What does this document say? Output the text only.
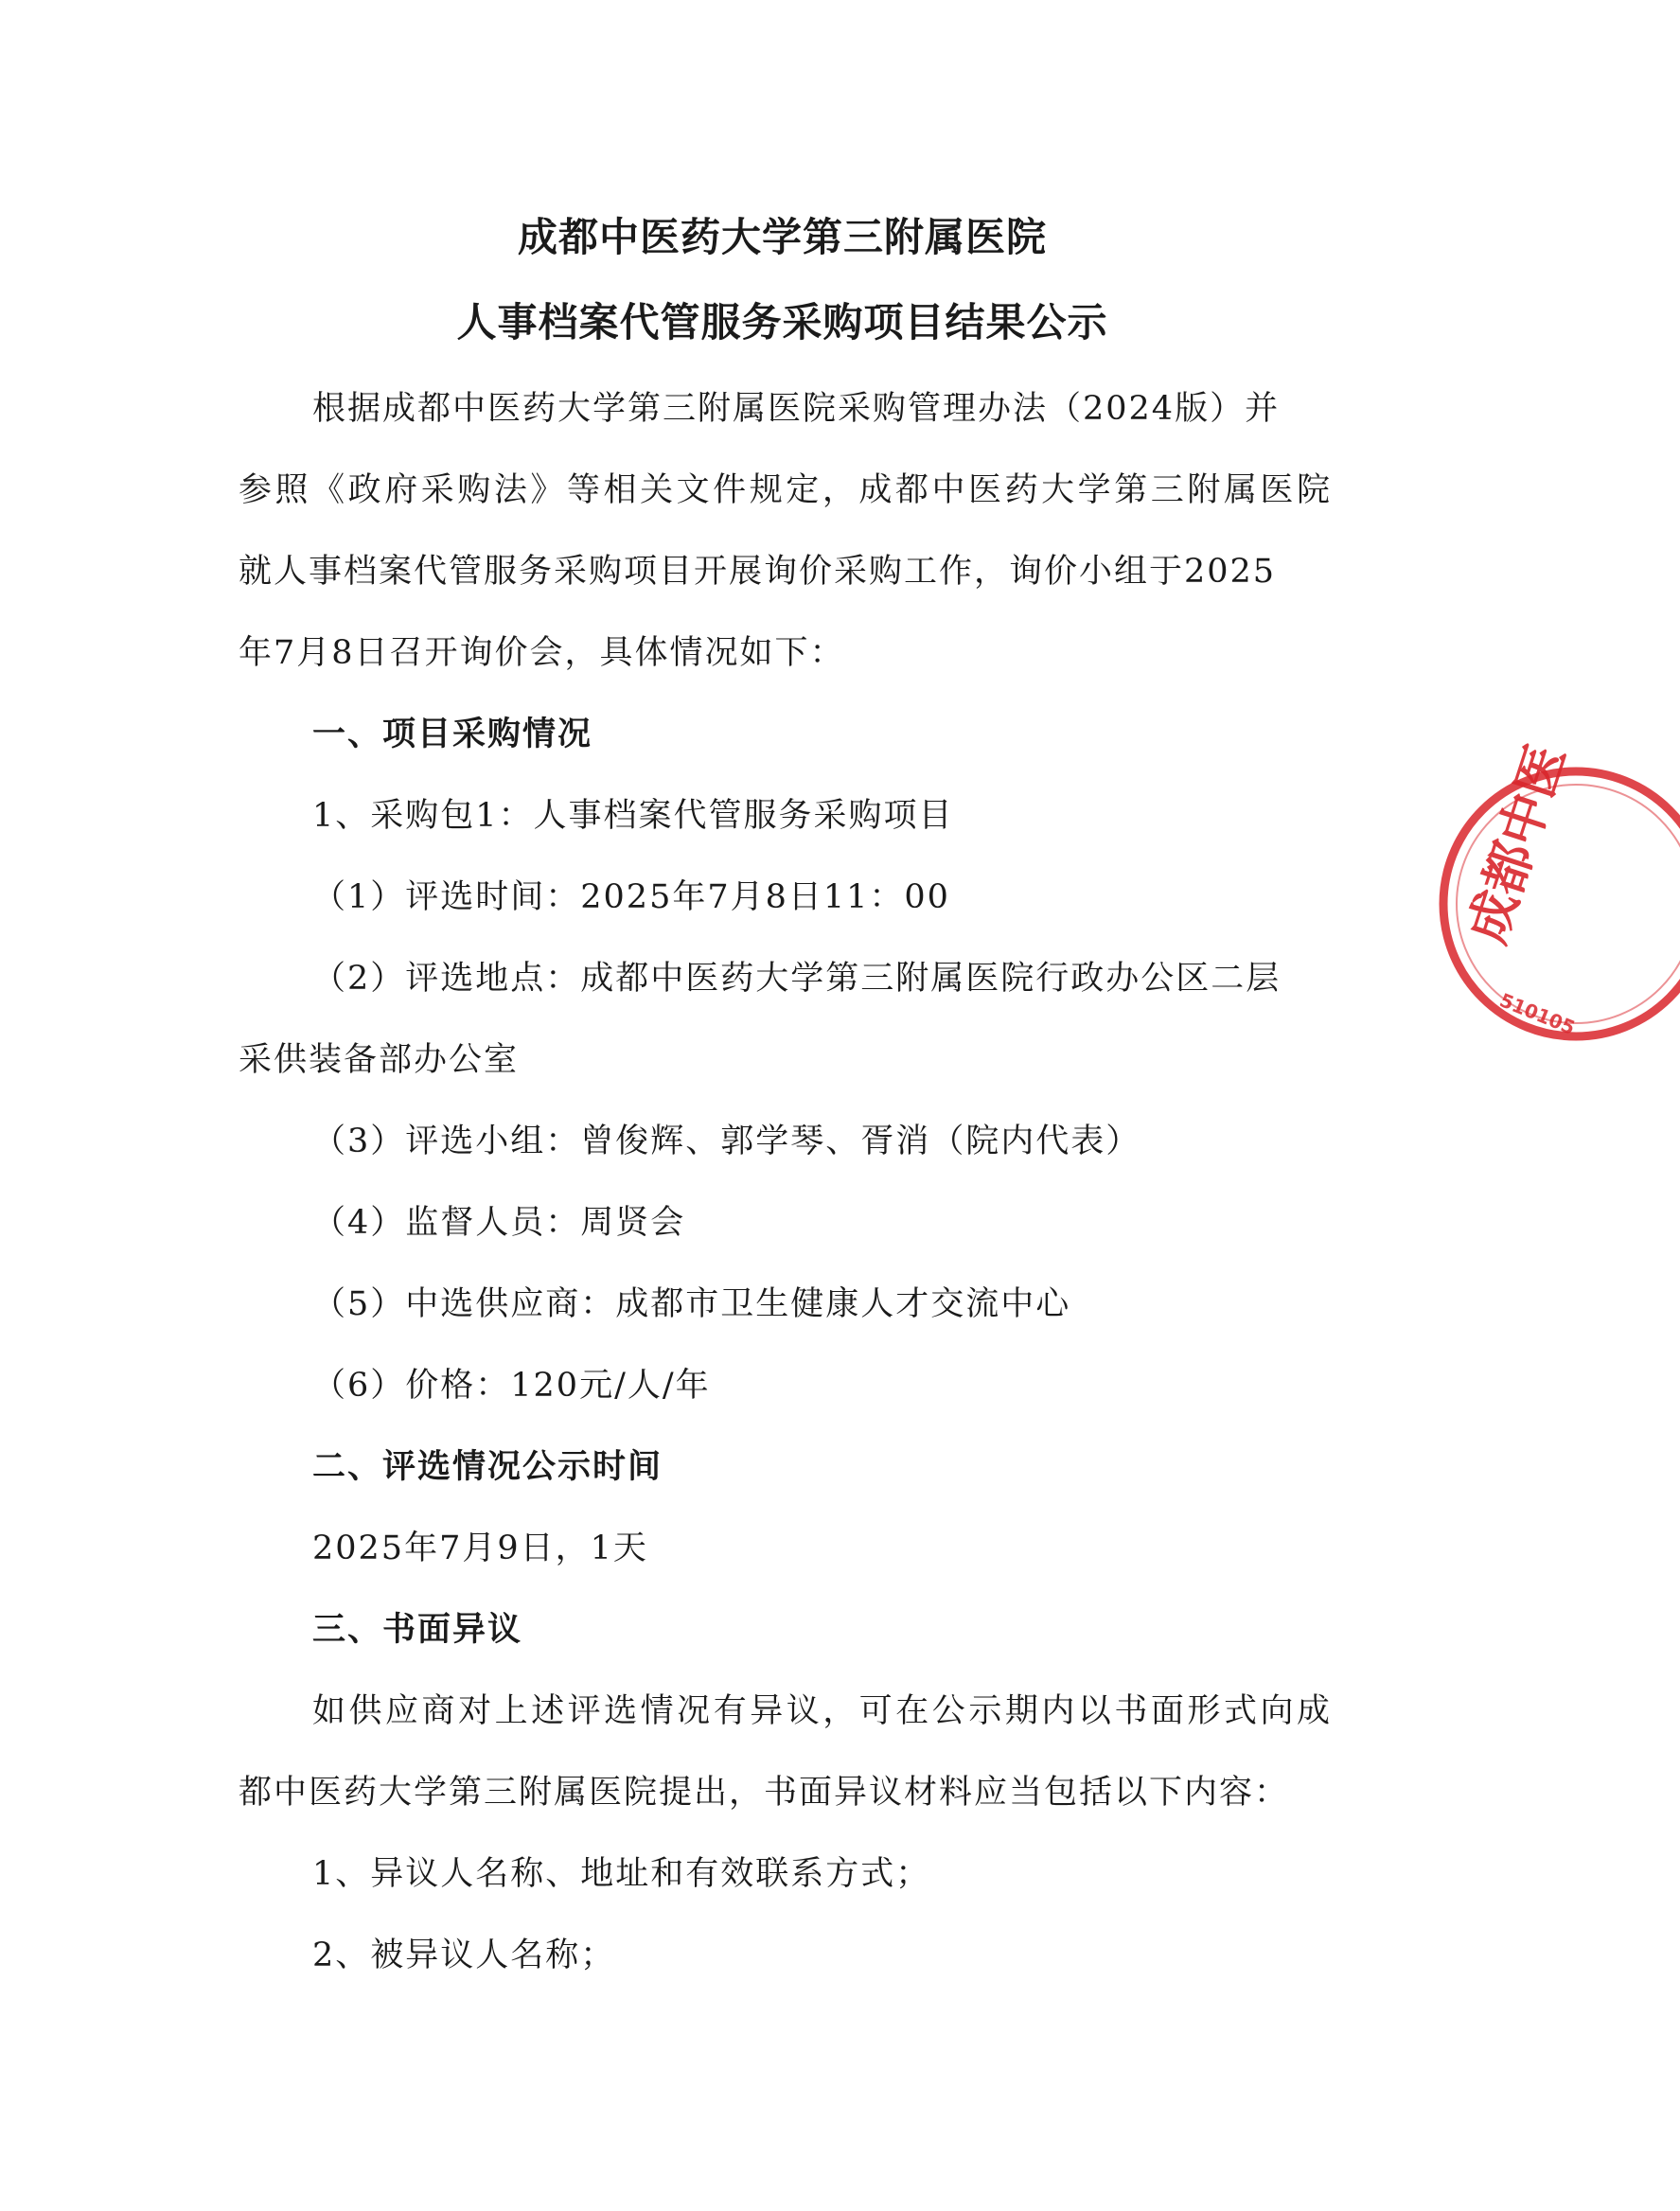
成都中医药大学第三附属医院
人事档案代管服务采购项目结果公示
根据成都中医药大学第三附属医院采购管理办法（2024版）并
参照《政府采购法》等相关文件规定，成都中医药大学第三附属医院
就人事档案代管服务采购项目开展询价采购工作，询价小组于2025
年7月8日召开询价会，具体情况如下：
一、项目采购情况
1、采购包1：人事档案代管服务采购项目
（1）评选时间：2025年7月8日11：00
（2）评选地点：成都中医药大学第三附属医院行政办公区二层
采供装备部办公室
（3）评选小组：曾俊辉、郭学琴、胥消（院内代表）
（4）监督人员：周贤会
（5）中选供应商：成都市卫生健康人才交流中心
（6）价格：120元/人/年
二、评选情况公示时间
2025年7月9日，1天
三、书面异议
如供应商对上述评选情况有异议，可在公示期内以书面形式向成
都中医药大学第三附属医院提出，书面异议材料应当包括以下内容：
1、异议人名称、地址和有效联系方式；
2、被异议人名称；
成都中医
510105
